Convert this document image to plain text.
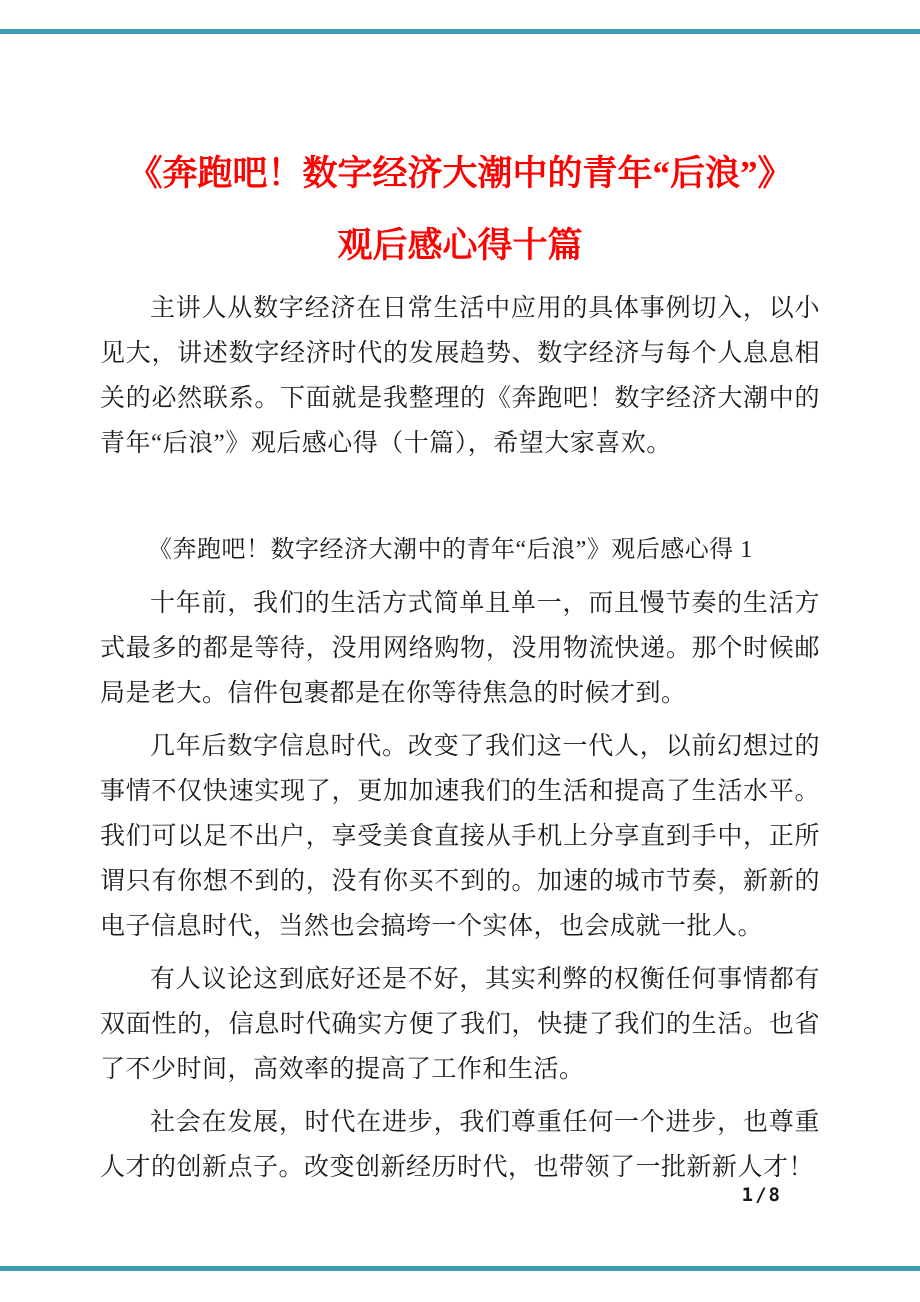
《奔跑吧！数字经济大潮中的青年“后浪”》
观后感心得十篇

主讲人从数字经济在日常生活中应用的具体事例切入，以小见大，讲述数字经济时代的发展趋势、数字经济与每个人息息相关的必然联系。下面就是我整理的《奔跑吧！数字经济大潮中的青年“后浪”》观后感心得（十篇），希望大家喜欢。

《奔跑吧！数字经济大潮中的青年“后浪”》观后感心得 1

十年前，我们的生活方式简单且单一，而且慢节奏的生活方式最多的都是等待，没用网络购物，没用物流快递。那个时候邮局是老大。信件包裹都是在你等待焦急的时候才到。

几年后数字信息时代。改变了我们这一代人，以前幻想过的事情不仅快速实现了，更加加速我们的生活和提高了生活水平。我们可以足不出户，享受美食直接从手机上分享直到手中，正所谓只有你想不到的，没有你买不到的。加速的城市节奏，新新的电子信息时代，当然也会搞垮一个实体，也会成就一批人。

有人议论这到底好还是不好，其实利弊的权衡任何事情都有双面性的，信息时代确实方便了我们，快捷了我们的生活。也省了不少时间，高效率的提高了工作和生活。

社会在发展，时代在进步，我们尊重任何一个进步，也尊重人才的创新点子。改变创新经历时代，也带领了一批新新人才！

1/8
